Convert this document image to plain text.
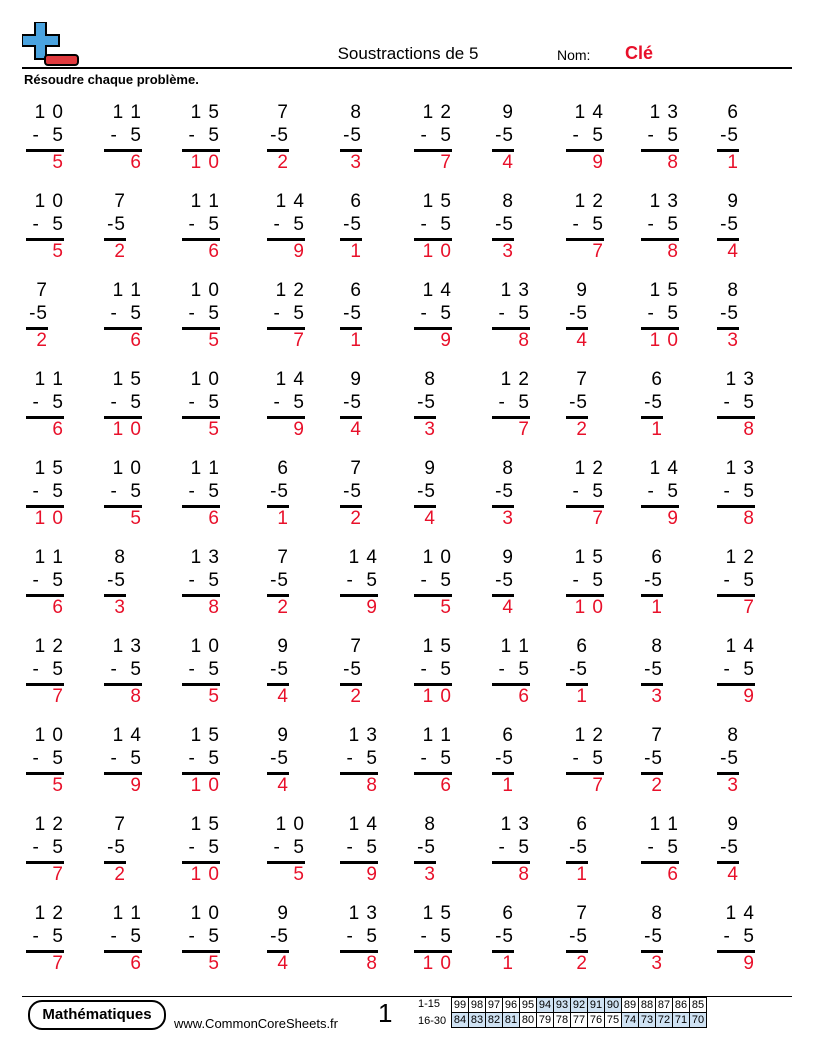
Soustractions de 5	Nom: Clé
Résoudre chaque problème.
1 0
-  5
5
1 1
-  5
6
1 5
-  5
1 0
7
-5
2
8
-5
3
1 2
-  5
7
9
-5
4
1 4
-  5
9
1 3
-  5
8
6
-5
1
1 0
-  5
5
7
-5
2
1 1
-  5
6
1 4
-  5
9
6
-5
1
1 5
-  5
1 0
8
-5
3
1 2
-  5
7
1 3
-  5
8
9
-5
4
7
-5
2
1 1
-  5
6
1 0
-  5
5
1 2
-  5
7
6
-5
1
1 4
-  5
9
1 3
-  5
8
9
-5
4
1 5
-  5
1 0
8
-5
3
1 1
-  5
6
1 5
-  5
1 0
1 0
-  5
5
1 4
-  5
9
9
-5
4
8
-5
3
1 2
-  5
7
7
-5
2
6
-5
1
1 3
-  5
8
1 5
-  5
1 0
1 0
-  5
5
1 1
-  5
6
6
-5
1
7
-5
2
9
-5
4
8
-5
3
1 2
-  5
7
1 4
-  5
9
1 3
-  5
8
1 1
-  5
6
8
-5
3
1 3
-  5
8
7
-5
2
1 4
-  5
9
1 0
-  5
5
9
-5
4
1 5
-  5
1 0
6
-5
1
1 2
-  5
7
1 2
-  5
7
1 3
-  5
8
1 0
-  5
5
9
-5
4
7
-5
2
1 5
-  5
1 0
1 1
-  5
6
6
-5
1
8
-5
3
1 4
-  5
9
1 0
-  5
5
1 4
-  5
9
1 5
-  5
1 0
9
-5
4
1 3
-  5
8
1 1
-  5
6
6
-5
1
1 2
-  5
7
7
-5
2
8
-5
3
1 2
-  5
7
7
-5
2
1 5
-  5
1 0
1 0
-  5
5
1 4
-  5
9
8
-5
3
1 3
-  5
8
6
-5
1
1 1
-  5
6
9
-5
4
1 2
-  5
7
1 1
-  5
6
1 0
-  5
5
9
-5
4
1 3
-  5
8
1 5
-  5
1 0
6
-5
1
7
-5
2
8
-5
3
1 4
-  5
9
Mathématiques
www.CommonCoreSheets.fr 1 1-15
16-30
99	98	97	96	95	94	93	92	91	90	89	88	87	86	85
84	83	82	81	80	79	78	77	76	75	74	73	72	71	70
